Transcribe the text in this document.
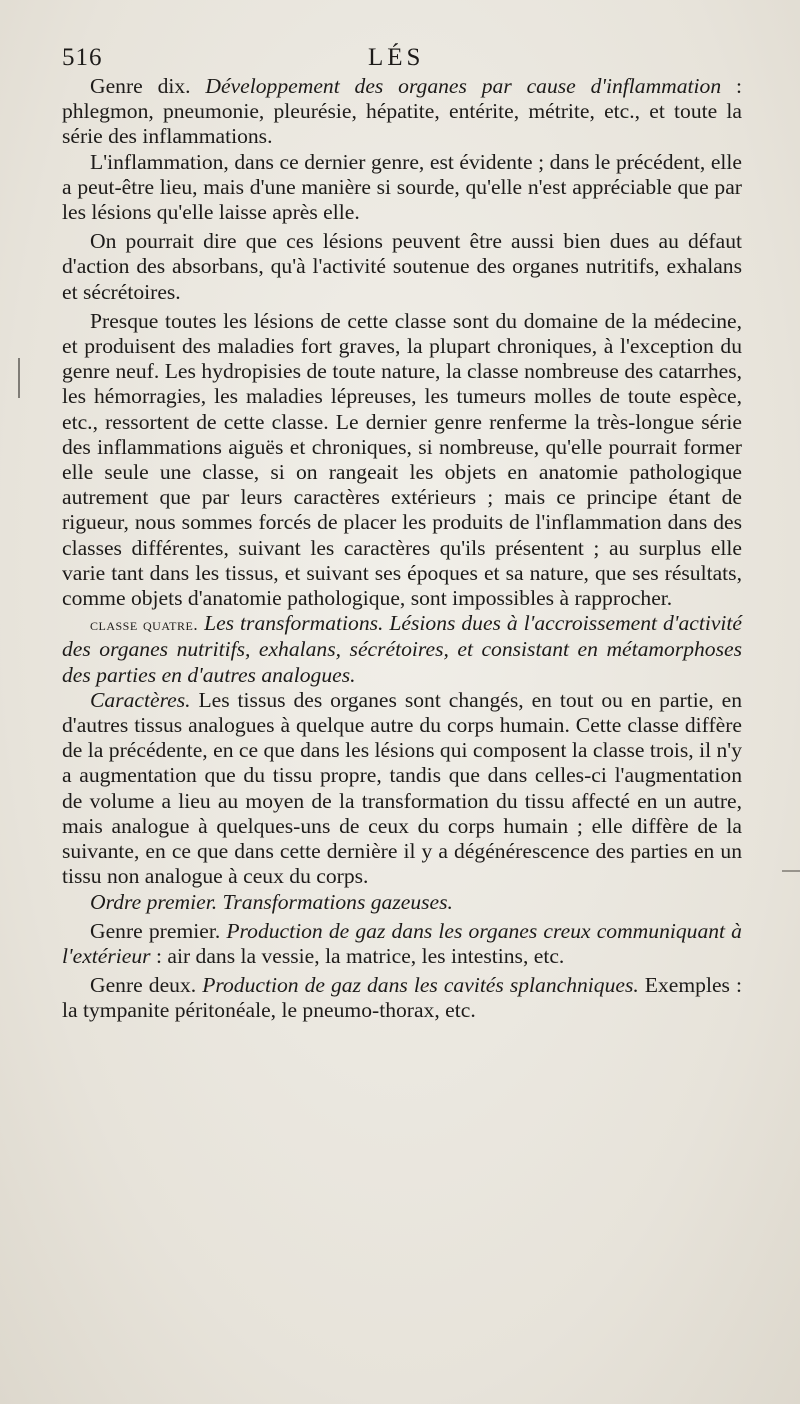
516	LÉS

Genre dix. Développement des organes par cause d'inflammation : phlegmon, pneumonie, pleurésie, hépatite, entérite, métrite, etc., et toute la série des inflammations.

L'inflammation, dans ce dernier genre, est évidente ; dans le précédent, elle a peut-être lieu, mais d'une manière si sourde, qu'elle n'est appréciable que par les lésions qu'elle laisse après elle.

On pourrait dire que ces lésions peuvent être aussi bien dues au défaut d'action des absorbans, qu'à l'activité soutenue des organes nutritifs, exhalans et sécrétoires.

Presque toutes les lésions de cette classe sont du domaine de la médecine, et produisent des maladies fort graves, la plupart chroniques, à l'exception du genre neuf. Les hydropisies de toute nature, la classe nombreuse des catarrhes, les hémorragies, les maladies lépreuses, les tumeurs molles de toute espèce, etc., ressortent de cette classe. Le dernier genre renferme la très-longue série des inflammations aiguës et chroniques, si nombreuse, qu'elle pourrait former elle seule une classe, si on rangeait les objets en anatomie pathologique autrement que par leurs caractères extérieurs ; mais ce principe étant de rigueur, nous sommes forcés de placer les produits de l'inflammation dans des classes différentes, suivant les caractères qu'ils présentent ; au surplus elle varie tant dans les tissus, et suivant ses époques et sa nature, que ses résultats, comme objets d'anatomie pathologique, sont impossibles à rapprocher.

classe quatre. Les transformations. Lésions dues à l'accroissement d'activité des organes nutritifs, exhalans, sécrétoires, et consistant en métamorphoses des parties en d'autres analogues.

Caractères. Les tissus des organes sont changés, en tout ou en partie, en d'autres tissus analogues à quelque autre du corps humain. Cette classe diffère de la précédente, en ce que dans les lésions qui composent la classe trois, il n'y a augmentation que du tissu propre, tandis que dans celles-ci l'augmentation de volume a lieu au moyen de la transformation du tissu affecté en un autre, mais analogue à quelques-uns de ceux du corps humain ; elle diffère de la suivante, en ce que dans cette dernière il y a dégénérescence des parties en un tissu non analogue à ceux du corps.

Ordre premier. Transformations gazeuses.

Genre premier. Production de gaz dans les organes creux communiquant à l'extérieur : air dans la vessie, la matrice, les intestins, etc.

Genre deux. Production de gaz dans les cavités splanchniques. Exemples : la tympanite péritonéale, le pneumo-thorax, etc.
